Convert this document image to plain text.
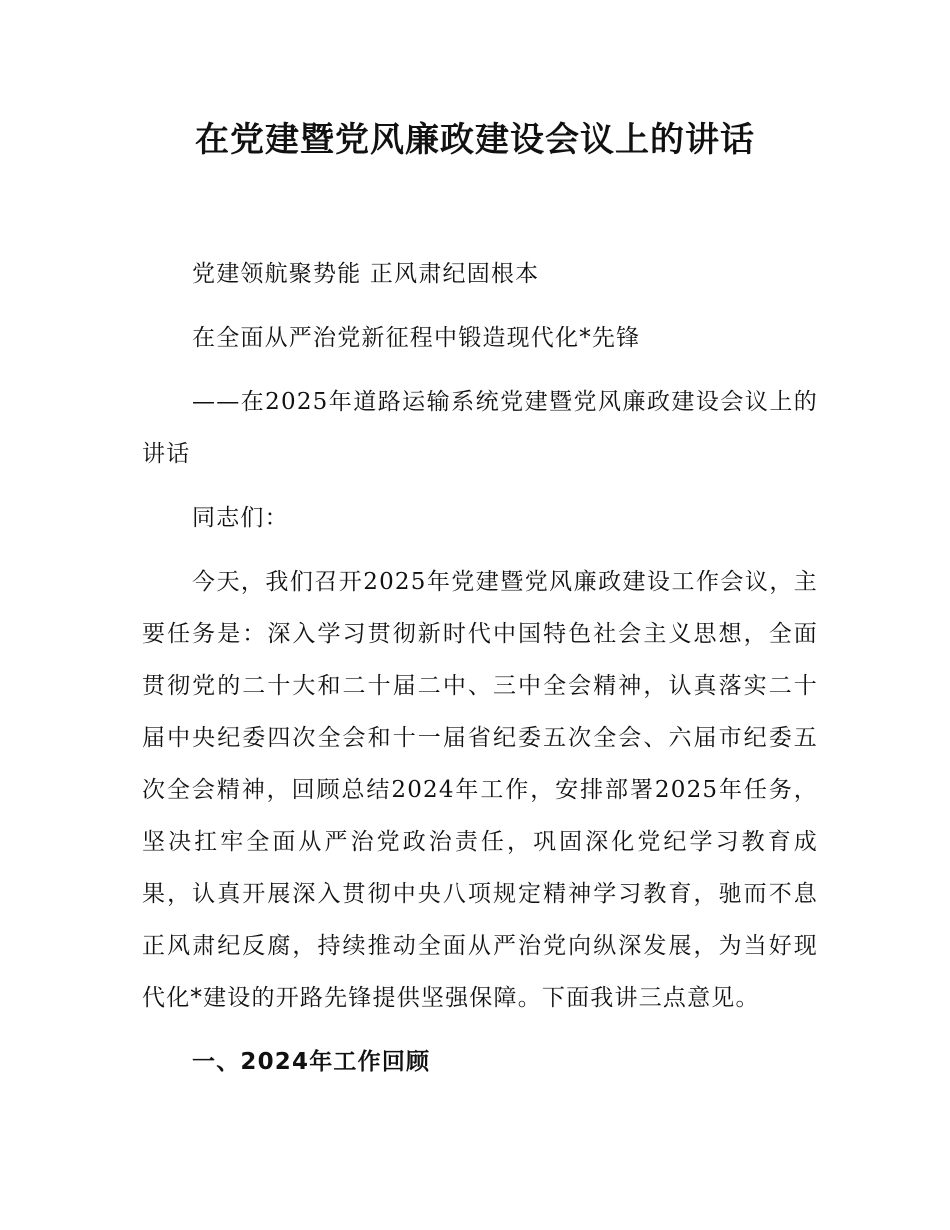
在党建暨党风廉政建设会议上的讲话

党建领航聚势能 正风肃纪固根本

在全面从严治党新征程中锻造现代化*先锋

——在2025年道路运输系统党建暨党风廉政建设会议上的讲话

同志们：

今天，我们召开2025年党建暨党风廉政建设工作会议，主要任务是：深入学习贯彻新时代中国特色社会主义思想，全面贯彻党的二十大和二十届二中、三中全会精神，认真落实二十届中央纪委四次全会和十一届省纪委五次全会、六届市纪委五次全会精神，回顾总结2024年工作，安排部署2025年任务，坚决扛牢全面从严治党政治责任，巩固深化党纪学习教育成果，认真开展深入贯彻中央八项规定精神学习教育，驰而不息正风肃纪反腐，持续推动全面从严治党向纵深发展，为当好现代化*建设的开路先锋提供坚强保障。下面我讲三点意见。

一、2024年工作回顾
